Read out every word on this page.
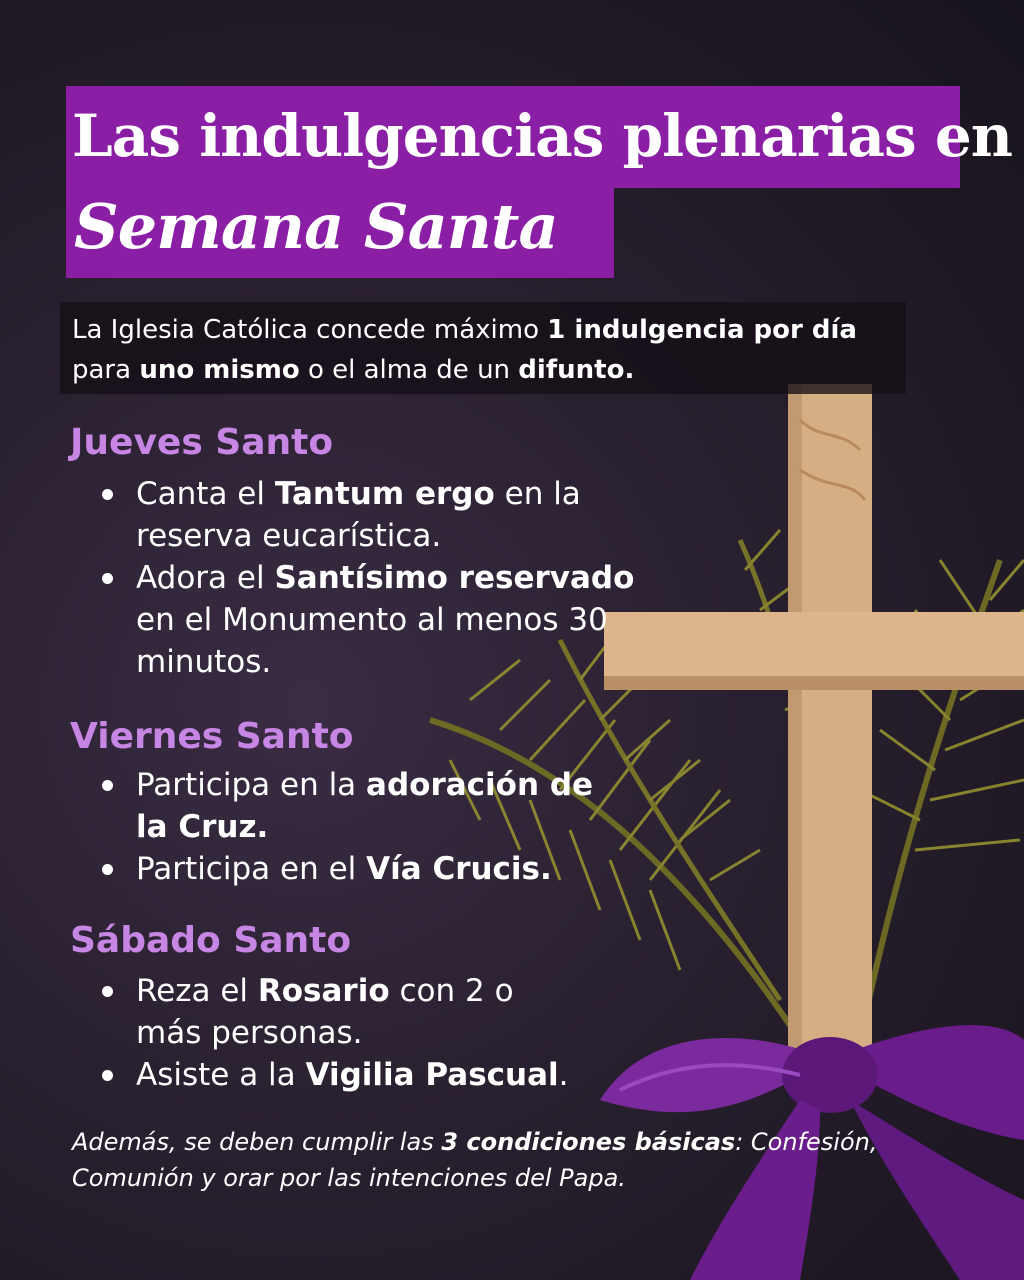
Las indulgencias plenarias en
Semana Santa

La Iglesia Católica concede máximo 1 indulgencia por día para uno mismo o el alma de un difunto.

Jueves Santo
Canta el Tantum ergo en la reserva eucarística.
Adora el Santísimo reservado en el Monumento al menos 30 minutos.
Viernes Santo
Participa en la adoración de la Cruz.
Participa en el Vía Crucis.
Sábado Santo
Reza el Rosario con 2 o más personas.
Asiste a la Vigilia Pascual.

Además, se deben cumplir las 3 condiciones básicas: Confesión, Comunión y orar por las intenciones del Papa.
